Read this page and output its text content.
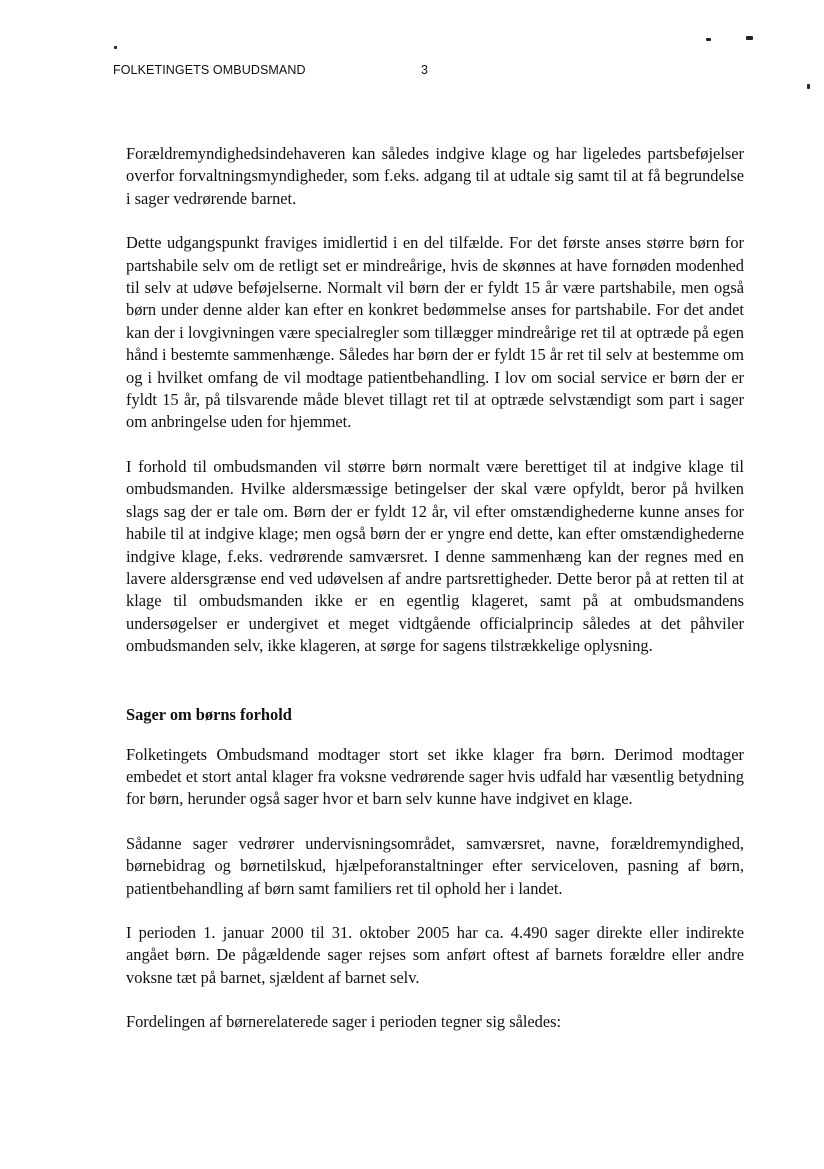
FOLKETINGETS OMBUDSMAND	3

Forældremyndighedsindehaveren kan således indgive klage og har ligeledes partsbeføjelser overfor forvaltningsmyndigheder, som f.eks. adgang til at udtale sig samt til at få begrundelse i sager vedrørende barnet.

Dette udgangspunkt fraviges imidlertid i en del tilfælde. For det første anses større børn for partshabile selv om de retligt set er mindreårige, hvis de skønnes at have fornøden modenhed til selv at udøve beføjelserne. Normalt vil børn der er fyldt 15 år være partshabile, men også børn under denne alder kan efter en konkret bedømmelse anses for partshabile. For det andet kan der i lovgivningen være specialregler som tillægger mindreårige ret til at optræde på egen hånd i bestemte sammenhænge. Således har børn der er fyldt 15 år ret til selv at bestemme om og i hvilket omfang de vil modtage patientbehandling. I lov om social service er børn der er fyldt 15 år, på tilsvarende måde blevet tillagt ret til at optræde selvstændigt som part i sager om anbringelse uden for hjemmet.

I forhold til ombudsmanden vil større børn normalt være berettiget til at indgive klage til ombudsmanden. Hvilke aldersmæssige betingelser der skal være opfyldt, beror på hvilken slags sag der er tale om. Børn der er fyldt 12 år, vil efter omstændighederne kunne anses for habile til at indgive klage; men også børn der er yngre end dette, kan efter omstændighederne indgive klage, f.eks. vedrørende samværsret. I denne sammenhæng kan der regnes med en lavere aldersgrænse end ved udøvelsen af andre partsrettigheder. Dette beror på at retten til at klage til ombudsmanden ikke er en egentlig klageret, samt på at ombudsmandens undersøgelser er undergivet et meget vidtgående officialprincip således at det påhviler ombudsmanden selv, ikke klageren, at sørge for sagens tilstrækkelige oplysning.

Sager om børns forhold

Folketingets Ombudsmand modtager stort set ikke klager fra børn. Derimod modtager embedet et stort antal klager fra voksne vedrørende sager hvis udfald har væsentlig betydning for børn, herunder også sager hvor et barn selv kunne have indgivet en klage.

Sådanne sager vedrører undervisningsområdet, samværsret, navne, forældremyndighed, børnebidrag og børnetilskud, hjælpeforanstaltninger efter serviceloven, pasning af børn, patientbehandling af børn samt familiers ret til ophold her i landet.

I perioden 1. januar 2000 til 31. oktober 2005 har ca. 4.490 sager direkte eller indirekte angået børn. De pågældende sager rejses som anført oftest af barnets forældre eller andre voksne tæt på barnet, sjældent af barnet selv.

Fordelingen af børnerelaterede sager i perioden tegner sig således:
